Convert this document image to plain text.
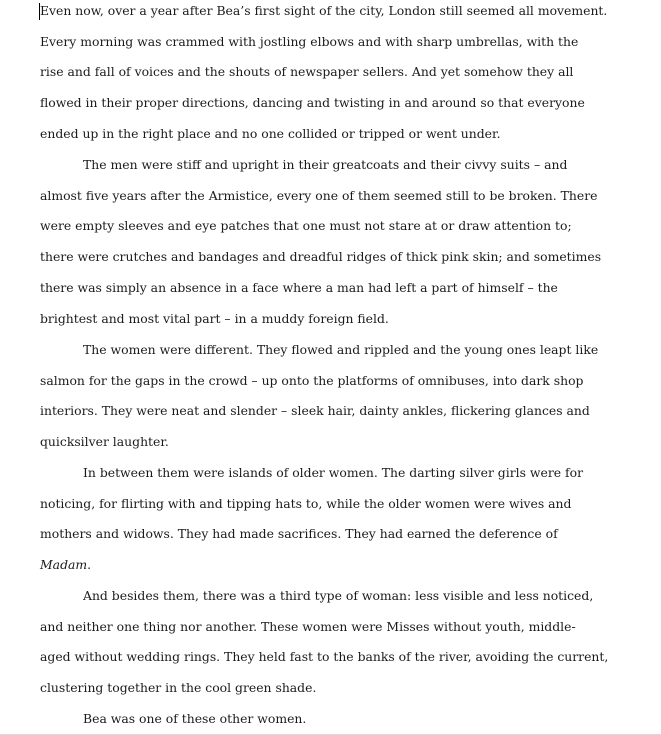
Even now, over a year after Bea’s first sight of the city, London still seemed all movement.
Every morning was crammed with jostling elbows and with sharp umbrellas, with the
rise and fall of voices and the shouts of newspaper sellers. And yet somehow they all
flowed in their proper directions, dancing and twisting in and around so that everyone
ended up in the right place and no one collided or tripped or went under.
The men were stiff and upright in their greatcoats and their civvy suits – and
almost five years after the Armistice, every one of them seemed still to be broken. There
were empty sleeves and eye patches that one must not stare at or draw attention to;
there were crutches and bandages and dreadful ridges of thick pink skin; and sometimes
there was simply an absence in a face where a man had left a part of himself – the
brightest and most vital part – in a muddy foreign field.
The women were different. They flowed and rippled and the young ones leapt like
salmon for the gaps in the crowd – up onto the platforms of omnibuses, into dark shop
interiors. They were neat and slender – sleek hair, dainty ankles, flickering glances and
quicksilver laughter.
In between them were islands of older women. The darting silver girls were for
noticing, for flirting with and tipping hats to, while the older women were wives and
mothers and widows. They had made sacrifices. They had earned the deference of
Madam.
And besides them, there was a third type of woman: less visible and less noticed,
and neither one thing nor another. These women were Misses without youth, middle-
aged without wedding rings. They held fast to the banks of the river, avoiding the current,
clustering together in the cool green shade.
Bea was one of these other women.
